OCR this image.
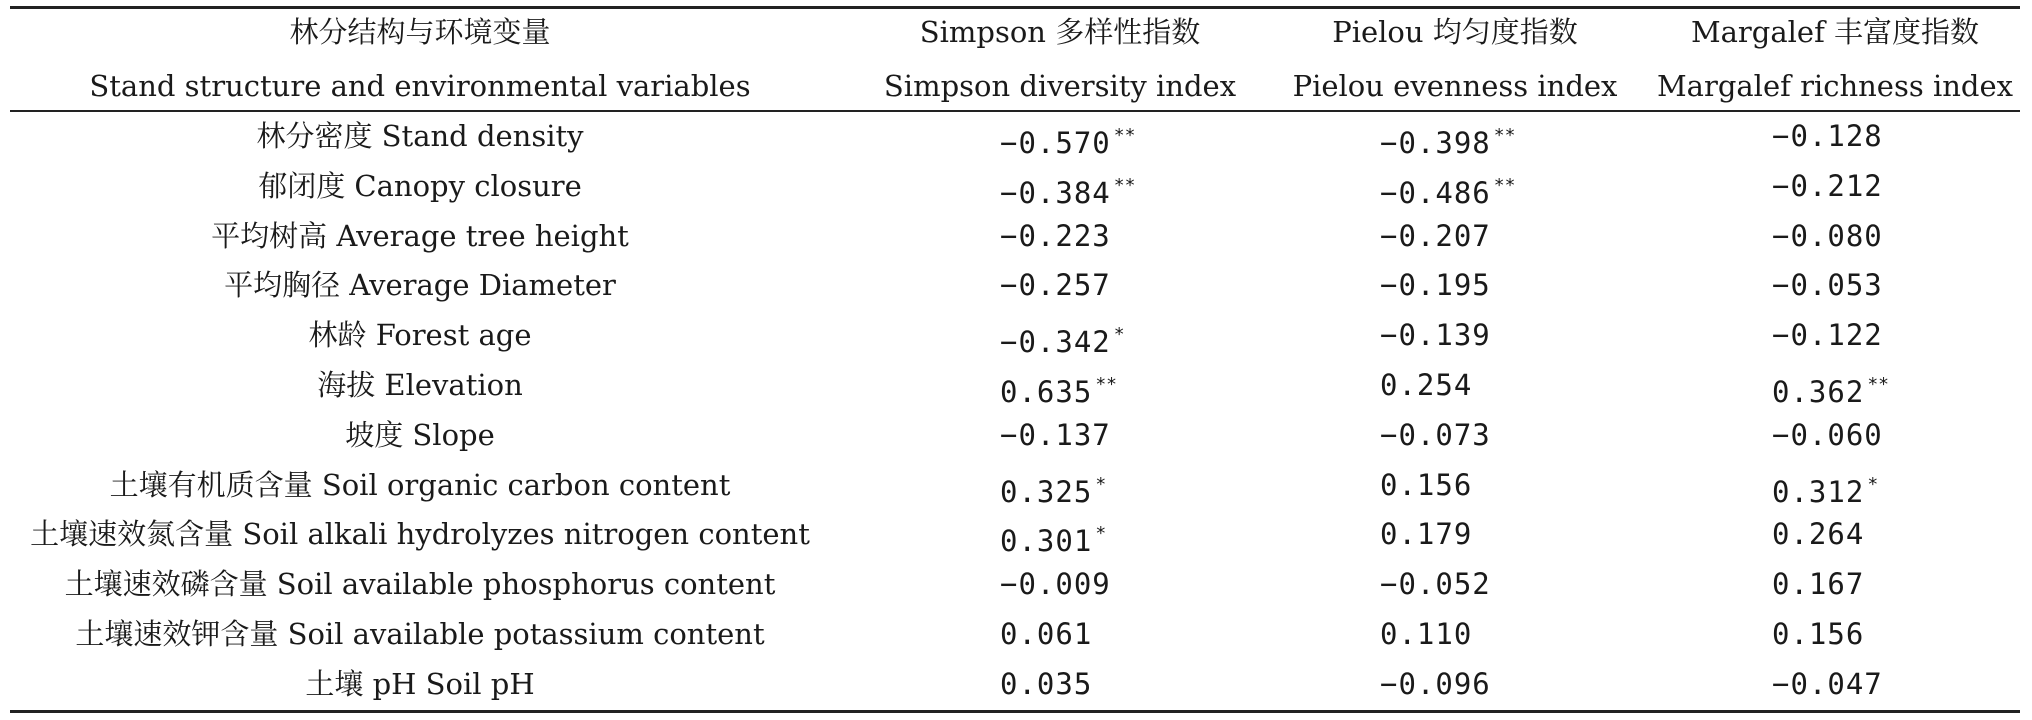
林分结构与环境变量	Simpson 多样性指数	Pielou 均匀度指数	Margalef 丰富度指数
Stand structure and environmental variables	Simpson diversity index	Pielou evenness index	Margalef richness index
林分密度 Stand density	−0.570 **	−0.398 **	−0.128
郁闭度 Canopy closure	−0.384 **	−0.486 **	−0.212
平均树高 Average tree height	−0.223	−0.207	−0.080
平均胸径 Average Diameter	−0.257	−0.195	−0.053
林龄 Forest age	−0.342 *	−0.139	−0.122
海拔 Elevation	0.635 **	0.254	0.362 **
坡度 Slope	−0.137	−0.073	−0.060
土壤有机质含量 Soil organic carbon content	0.325 *	0.156	0.312 *
土壤速效氮含量 Soil alkali hydrolyzes nitrogen content	0.301 *	0.179	0.264
土壤速效磷含量 Soil available phosphorus content	−0.009	−0.052	0.167
土壤速效钾含量 Soil available potassium content	0.061	0.110	0.156
土壤 pH Soil pH	0.035	−0.096	−0.047
